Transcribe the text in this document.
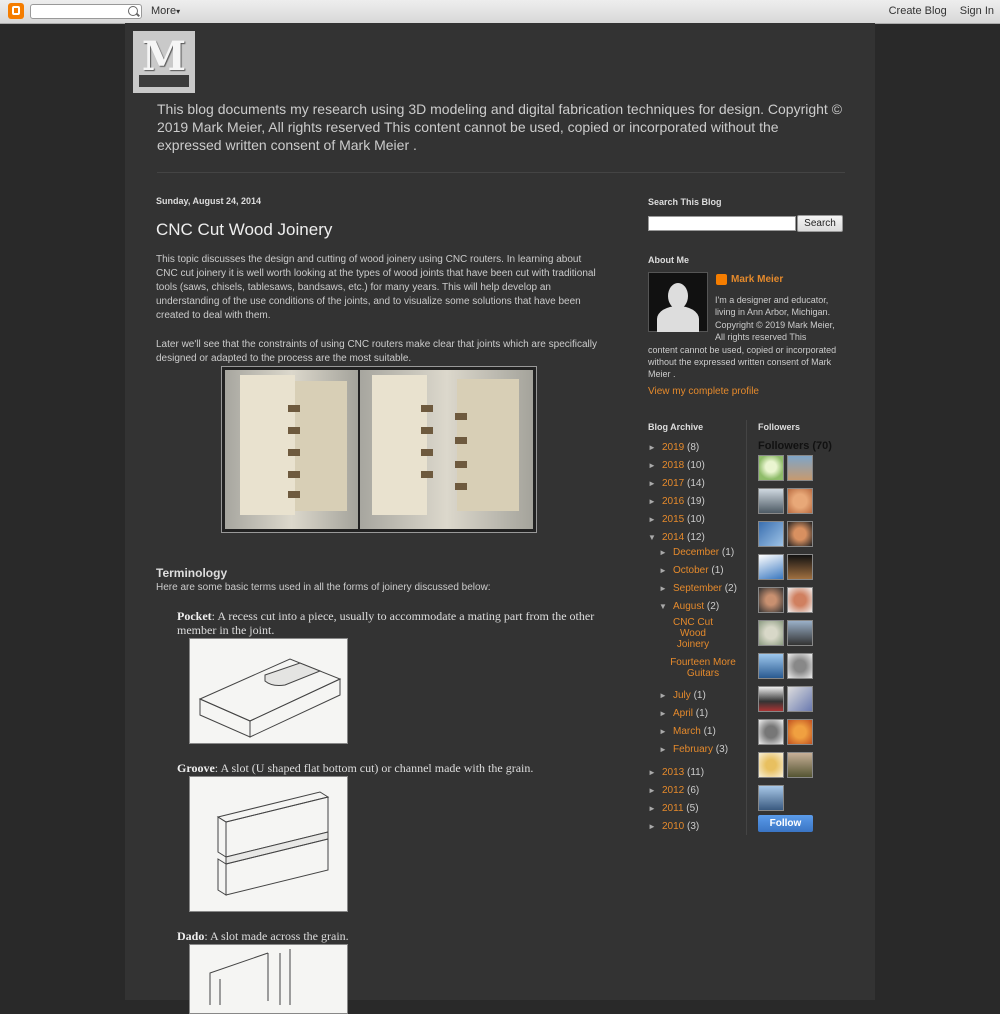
More▾	Create Blog Sign In
M
This blog documents my research using 3D modeling and digital fabrication techniques for design. Copyright © 2019 Mark Meier, All rights reserved This content cannot be used, copied or incorporated without the expressed written consent of Mark Meier .
Sunday, August 24, 2014
CNC Cut Wood Joinery
This topic discusses the design and cutting of wood joinery using CNC routers. In learning about CNC cut joinery it is well worth looking at the types of wood joints that have been cut with traditional tools (saws, chisels, tablesaws, bandsaws, etc.) for many years. This will help develop an understanding of the use conditions of the joints, and to visualize some solutions that have been created to deal with them.
Later we'll see that the constraints of using CNC routers make clear that joints which are specifically designed or adapted to the process are the most suitable.
Terminology
Here are some basic terms used in all the forms of joinery discussed below:
Pocket: A recess cut into a piece, usually to accommodate a mating part from the other member in the joint.
Groove: A slot (U shaped flat bottom cut) or channel made with the grain.
Dado: A slot made across the grain.
Search This Blog
Search
About Me
Mark Meier
I'm a designer and educator,
living in Ann Arbor, Michigan.
Copyright © 2019 Mark Meier,
All rights reserved This
content cannot be used, copied or incorporated without the expressed written consent of Mark Meier .
View my complete profile
Blog Archive
► 2019 (8)
► 2018 (10)
► 2017 (14)
► 2016 (19)
► 2015 (10)
▼ 2014 (12)
► December (1)
► October (1)
► September (2)
▼ August (2)
CNC Cut Wood Joinery
Fourteen More Guitars
► July (1)
► April (1)
► March (1)
► February (3)
► 2013 (11)
► 2012 (6)
► 2011 (5)
► 2010 (3)
Followers
Followers (70)
Follow
